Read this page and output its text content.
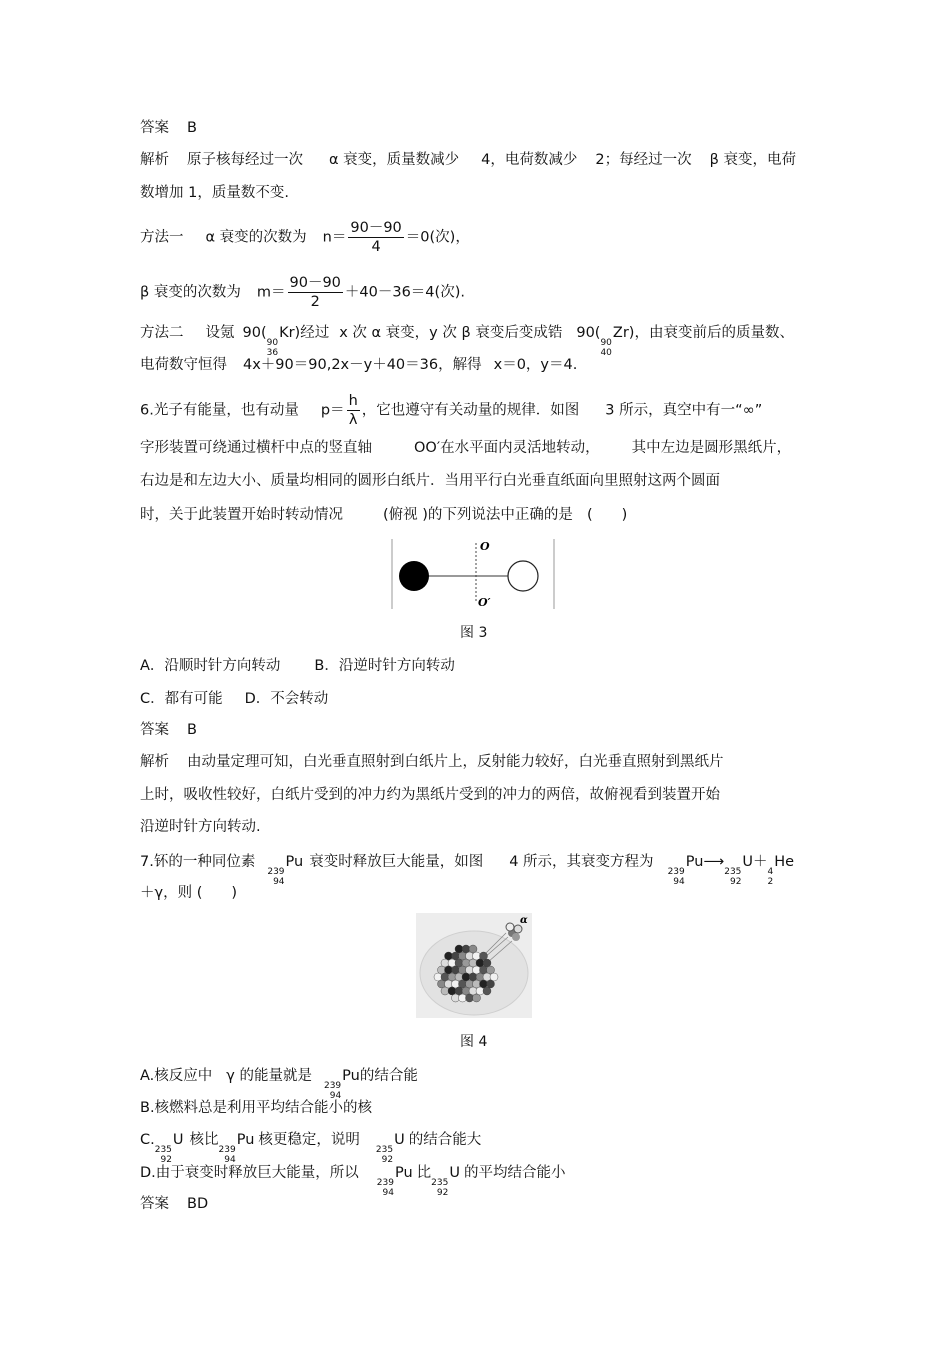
答案 B
解析 原子核每经过一次 α 衰变，质量数减少 4，电荷数减少 2；每经过一次 β 衰变，电荷
数增加 1，质量数不变.
方法一 α 衰变的次数为 $n= \frac{90-90}{4} =0$(次)，
β 衰变的次数为 $m= \frac{90-90}{2} +40-36=4$(次).
方法二 设氪 90(
90
36
Kr)经过 x 次 α 衰变，y 次 β 衰变后变成锆 90(
90
40
Zr)，由衰变前后的质量数、
电荷数守恒得 4x＋90＝90,2x－y＋40＝36，解得 x＝0，y＝4.
6.光子有能量，也有动量 $p= \frac{h}{\lambda}$ ，它也遵守有关动量的规律．如图 3 所示，真空中有一“∞”
字形装置可绕通过横杆中点的竖直轴	OO′在水平面内灵活地转动， 其中左边是圆形黑纸片，
右边是和左边大小、质量均相同的圆形白纸片．当用平行白光垂直纸面向里照射这两个圆面
时，关于此装置开始时转动情况	(俯视 )的下列说法中正确的是 (　　)
O
O′
图 3
A．沿顺时针方向转动 B．沿逆时针方向转动
C．都有可能 D．不会转动
答案 B
解析 由动量定理可知，白光垂直照射到白纸片上，反射能力较好，白光垂直照射到黑纸片
上时，吸收性较好，白纸片受到的冲力约为黑纸片受到的冲力的两倍，故俯视看到装置开始
沿逆时针方向转动.
7.钚的一种同位素
239
94
Pu 衰变时释放巨大能量，如图 4 所示，其衰变方程为
239
94
Pu⟶
235
92
U＋
4
2
He
＋γ，则 (　　)
α
图 4
A.核反应中 γ 的能量就是
239
94
Pu的结合能
B.核燃料总是利用平均结合能小的核
C.
235
92
U 核比
239
94
Pu 核更稳定，说明
235
92
U 的结合能大
D.由于衰变时释放巨大能量，所以
239
94
Pu 比
235
92
U 的平均结合能小
答案 BD
